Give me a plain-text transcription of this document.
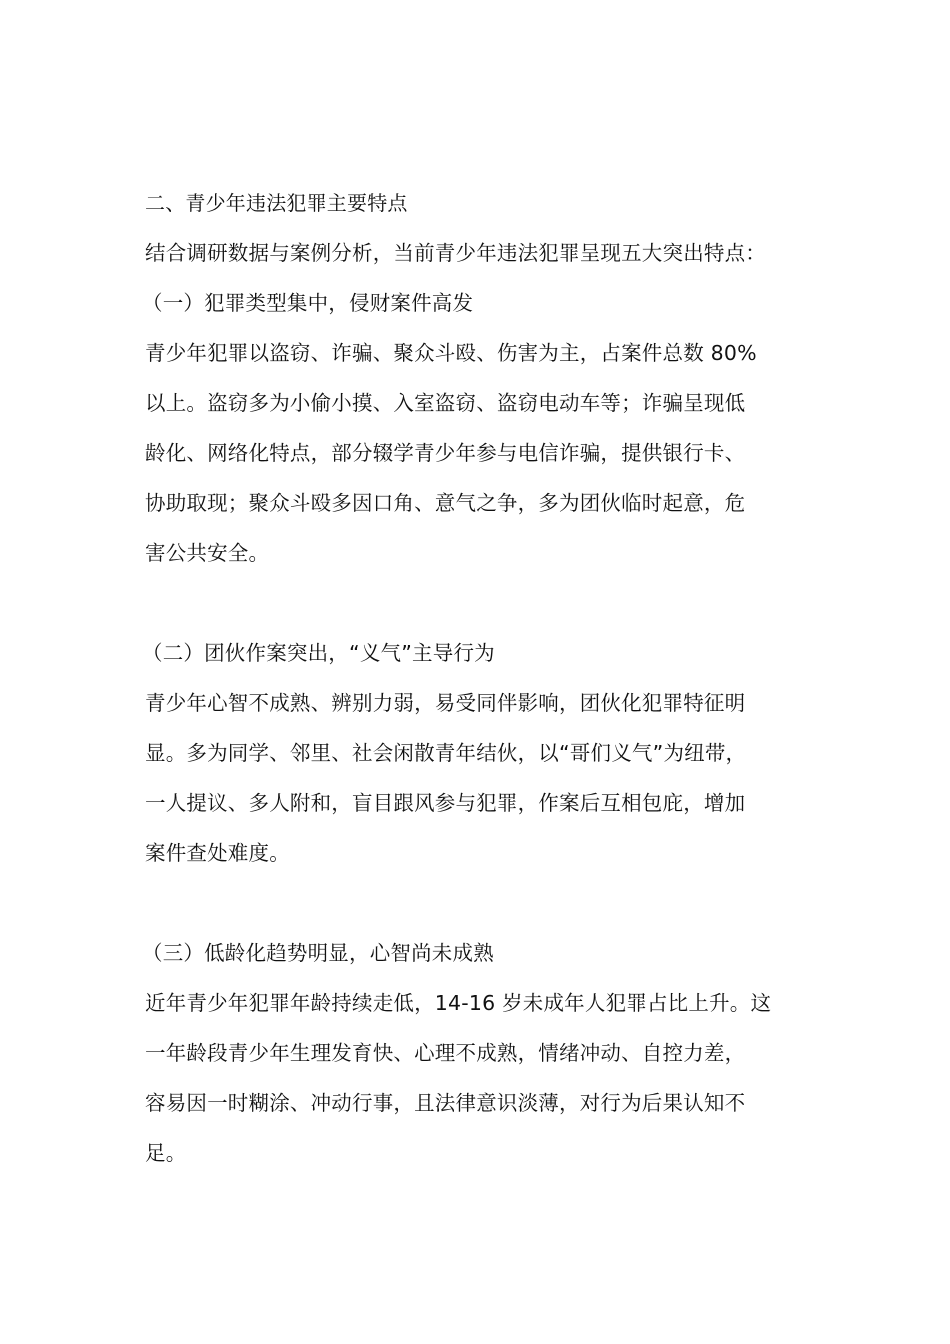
二、青少年违法犯罪主要特点
结合调研数据与案例分析，当前青少年违法犯罪呈现五大突出特点：
（一）犯罪类型集中，侵财案件高发
青少年犯罪以盗窃、诈骗、聚众斗殴、伤害为主，占案件总数 80%
以上。盗窃多为小偷小摸、入室盗窃、盗窃电动车等；诈骗呈现低
龄化、网络化特点，部分辍学青少年参与电信诈骗，提供银行卡、
协助取现；聚众斗殴多因口角、意气之争，多为团伙临时起意，危
害公共安全。
（二）团伙作案突出，“义气”主导行为
青少年心智不成熟、辨别力弱，易受同伴影响，团伙化犯罪特征明
显。多为同学、邻里、社会闲散青年结伙，以“哥们义气”为纽带，
一人提议、多人附和，盲目跟风参与犯罪，作案后互相包庇，增加
案件查处难度。
（三）低龄化趋势明显，心智尚未成熟
近年青少年犯罪年龄持续走低，14-16 岁未成年人犯罪占比上升。这
一年龄段青少年生理发育快、心理不成熟，情绪冲动、自控力差，
容易因一时糊涂、冲动行事，且法律意识淡薄，对行为后果认知不
足。
